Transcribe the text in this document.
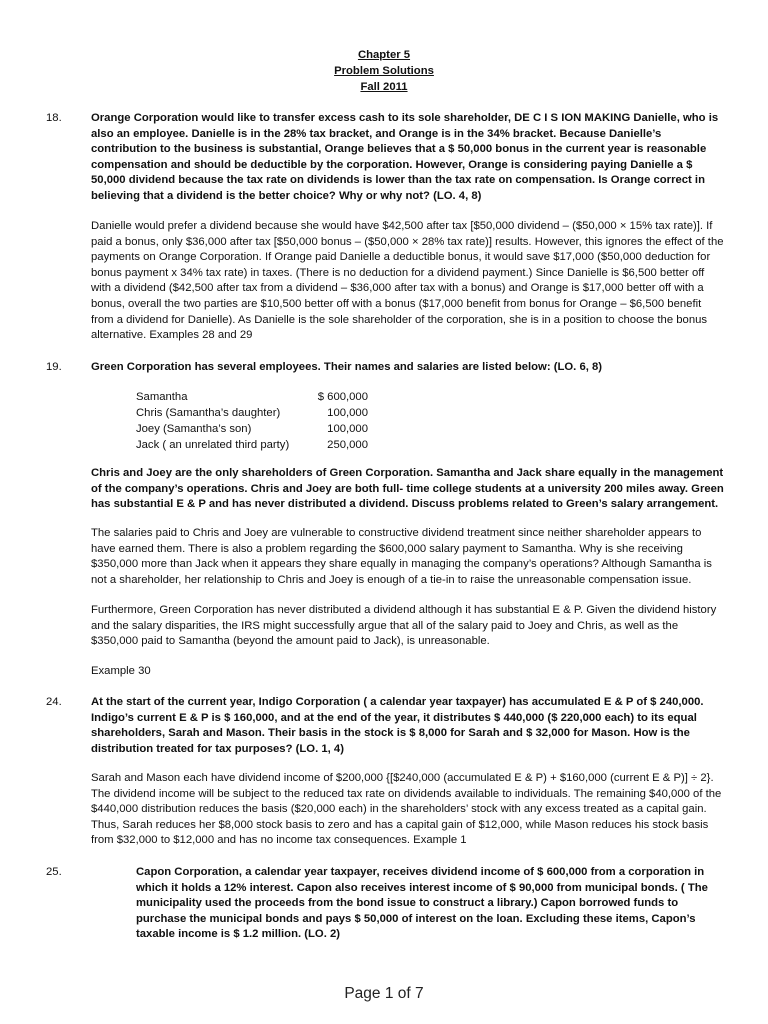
Chapter 5
Problem Solutions
Fall 2011
18.	Orange Corporation would like to transfer excess cash to its sole shareholder, DE C I S ION MAKING Danielle, who is also an employee. Danielle is in the 28% tax bracket, and Orange is in the 34% bracket. Because Danielle’s contribution to the business is substantial, Orange believes that a $ 50,000 bonus in the current year is reasonable compensation and should be deductible by the corporation. However, Orange is considering paying Danielle a $ 50,000 dividend because the tax rate on dividends is lower than the tax rate on compensation. Is Orange correct in believing that a dividend is the better choice? Why or why not? (LO. 4, 8)

Danielle would prefer a dividend because she would have $42,500 after tax [$50,000 dividend – ($50,000 × 15% tax rate)]. If paid a bonus, only $36,000 after tax [$50,000 bonus – ($50,000 × 28% tax rate)] results. However, this ignores the effect of the payments on Orange Corporation. If Orange paid Danielle a deductible bonus, it would save $17,000 ($50,000 deduction for bonus payment x 34% tax rate) in taxes. (There is no deduction for a dividend payment.) Since Danielle is $6,500 better off with a dividend ($42,500 after tax from a dividend – $36,000 after tax with a bonus) and Orange is $17,000 better off with a bonus, overall the two parties are $10,500 better off with a bonus ($17,000 benefit from bonus for Orange – $6,500 benefit from a dividend for Danielle). As Danielle is the sole shareholder of the corporation, she is in a position to choose the bonus alternative. Examples 28 and 29

19.	Green Corporation has several employees. Their names and salaries are listed below: (LO. 6, 8)

Samantha	$ 600,000
Chris (Samantha’s daughter)	100,000
Joey (Samantha’s son)	100,000
Jack ( an unrelated third party)	250,000

Chris and Joey are the only shareholders of Green Corporation. Samantha and Jack share equally in the management of the company’s operations. Chris and Joey are both full- time college students at a university 200 miles away. Green has substantial E & P and has never distributed a dividend. Discuss problems related to Green’s salary arrangement.

The salaries paid to Chris and Joey are vulnerable to constructive dividend treatment since neither shareholder appears to have earned them. There is also a problem regarding the $600,000 salary payment to Samantha. Why is she receiving $350,000 more than Jack when it appears they share equally in managing the company’s operations? Although Samantha is not a shareholder, her relationship to Chris and Joey is enough of a tie-in to raise the unreasonable compensation issue.

Furthermore, Green Corporation has never distributed a dividend although it has substantial E & P. Given the dividend history and the salary disparities, the IRS might successfully argue that all of the salary paid to Joey and Chris, as well as the $350,000 paid to Samantha (beyond the amount paid to Jack), is unreasonable.

Example 30

24.	At the start of the current year, Indigo Corporation ( a calendar year taxpayer) has accumulated E & P of $ 240,000. Indigo’s current E & P is $ 160,000, and at the end of the year, it distributes $ 440,000 ($ 220,000 each) to its equal shareholders, Sarah and Mason. Their basis in the stock is $ 8,000 for Sarah and $ 32,000 for Mason. How is the distribution treated for tax purposes? (LO. 1, 4)

Sarah and Mason each have dividend income of $200,000 {[$240,000 (accumulated E & P) + $160,000 (current E & P)] ÷ 2}. The dividend income will be subject to the reduced tax rate on dividends available to individuals. The remaining $40,000 of the $440,000 distribution reduces the basis ($20,000 each) in the shareholders’ stock with any excess treated as a capital gain. Thus, Sarah reduces her $8,000 stock basis to zero and has a capital gain of $12,000, while Mason reduces his stock basis from $32,000 to $12,000 and has no income tax consequences. Example 1

25.	Capon Corporation, a calendar year taxpayer, receives dividend income of $ 600,000 from a corporation in which it holds a 12% interest. Capon also receives interest income of $ 90,000 from municipal bonds. ( The municipality used the proceeds from the bond issue to construct a library.) Capon borrowed funds to purchase the municipal bonds and pays $ 50,000 of interest on the loan. Excluding these items, Capon’s taxable income is $ 1.2 million. (LO. 2)

Page 1 of 7
